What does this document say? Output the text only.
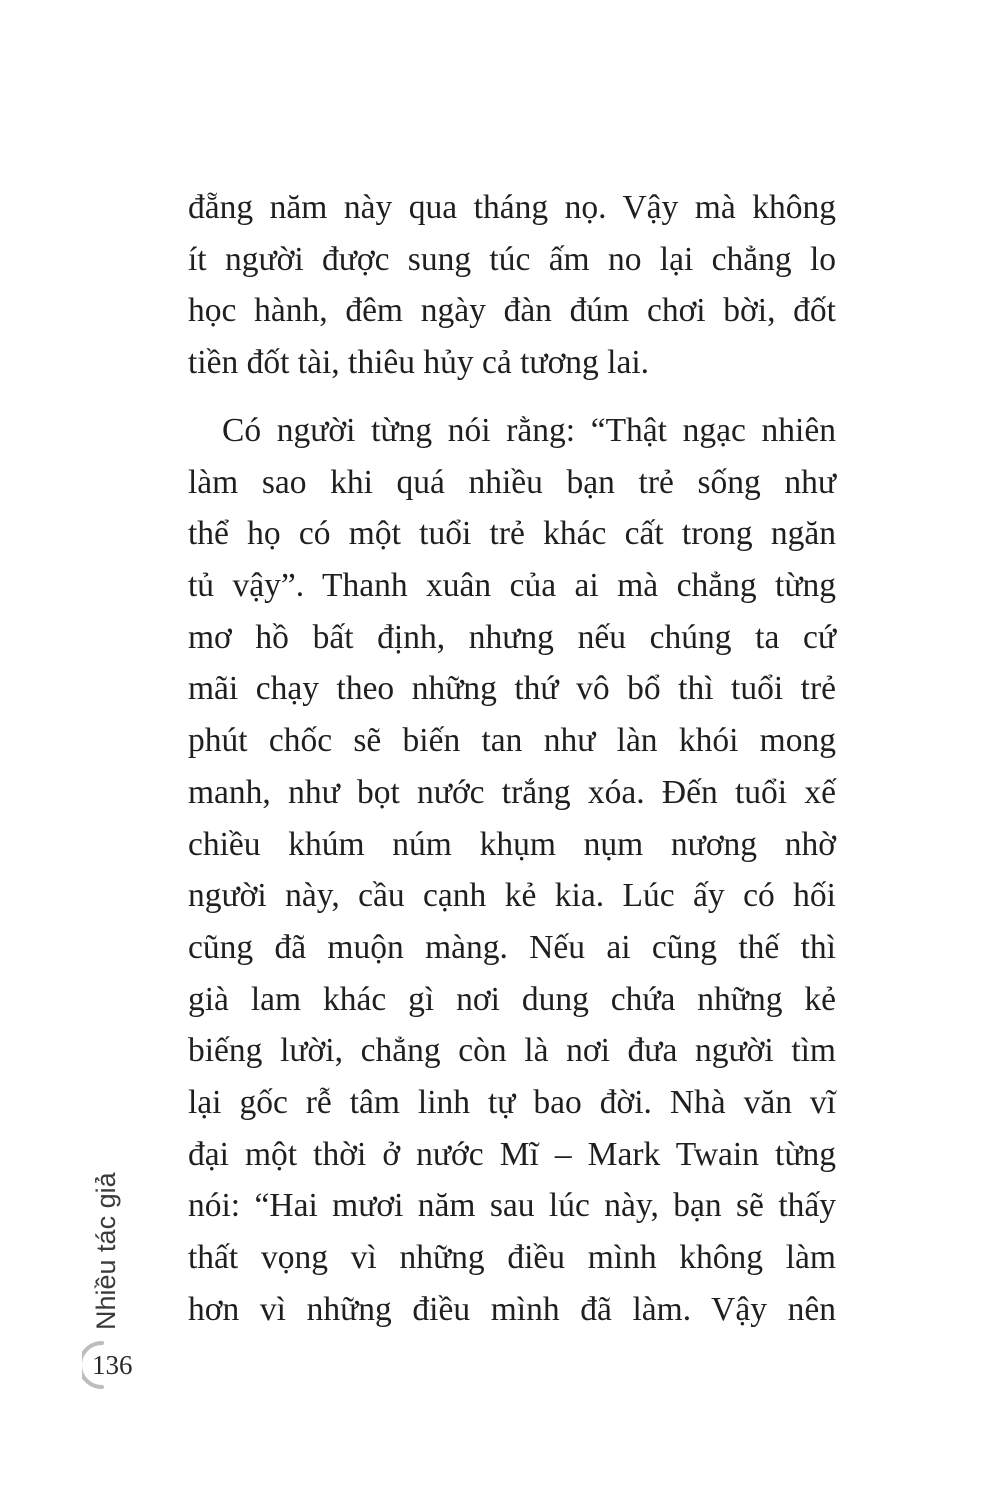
đẵng năm này qua tháng nọ. Vậy mà không
ít người được sung túc ấm no lại chẳng lo
học hành, đêm ngày đàn đúm chơi bời, đốt
tiền đốt tài, thiêu hủy cả tương lai.
Có người từng nói rằng: “Thật ngạc nhiên
làm sao khi quá nhiều bạn trẻ sống như
thể họ có một tuổi trẻ khác cất trong ngăn
tủ vậy”. Thanh xuân của ai mà chẳng từng
mơ hồ bất định, nhưng nếu chúng ta cứ
mãi chạy theo những thứ vô bổ thì tuổi trẻ
phút chốc sẽ biến tan như làn khói mong
manh, như bọt nước trắng xóa. Đến tuổi xế
chiều khúm núm khụm nụm nương nhờ
người này, cầu cạnh kẻ kia. Lúc ấy có hối
cũng đã muộn màng. Nếu ai cũng thế thì
già lam khác gì nơi dung chứa những kẻ
biếng lười, chẳng còn là nơi đưa người tìm
lại gốc rễ tâm linh tự bao đời. Nhà văn vĩ
đại một thời ở nước Mĩ – Mark Twain từng
nói: “Hai mươi năm sau lúc này, bạn sẽ thấy
thất vọng vì những điều mình không làm
hơn vì những điều mình đã làm. Vậy nên
Nhiều tác giả
136
